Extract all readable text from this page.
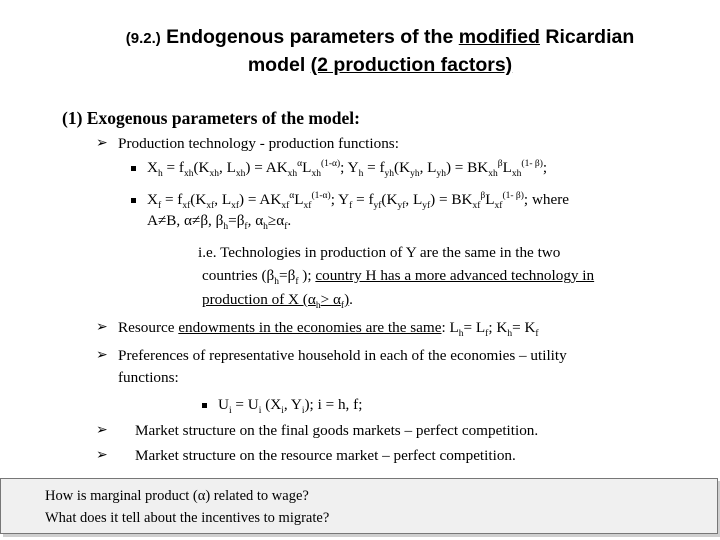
(9.2.) Endogenous parameters of the modified Ricardian
model (2 production factors)
(1) Exogenous parameters of the model:
➢ Production technology - production functions:
$X_h = f_{xh}(K_{xh}$, $L_{xh}) = AK_{xh}^\alpha L_{xh}^{(1-\alpha)}$; $Y_h = f_{yh}(K_{yh}$, $L_{yh}) = BK_{xh}^\beta L_{xh}^{(1- \beta)}$;
$X_f = f_{xf}(K_{xf}$, $L_{xf}) = AK_{xf}^\alpha L_{xf}^{(1-\alpha)}$; $Y_f = f_{yf}(K_{yf}$, $L_{yf}) = BK_{xf}^\beta L_{xf}^{(1- \beta)}$; where
A≠B, α≠β, $\beta_h=\beta_f$, $\alpha_h\ge\alpha_f$.
i.e. Technologies in production of Y are the same in the two
countries ($\beta_h=\beta_f$ ); country H has a more advanced technology in
production of X $(\alpha_h> \alpha_f)$.
➢ Resource endowments in the economies are the same: $L_h= L_f$; $K_h= K_f$
➢ Preferences of representative household in each of the economies – utility
functions:
$U_i = U_i$ ($X_i$, $Y_i$); i = h, f;
➢ Market structure on the final goods markets – perfect competition.
➢ Market structure on the resource market – perfect competition.
How is marginal product (α) related to wage?
What does it tell about the incentives to migrate?
